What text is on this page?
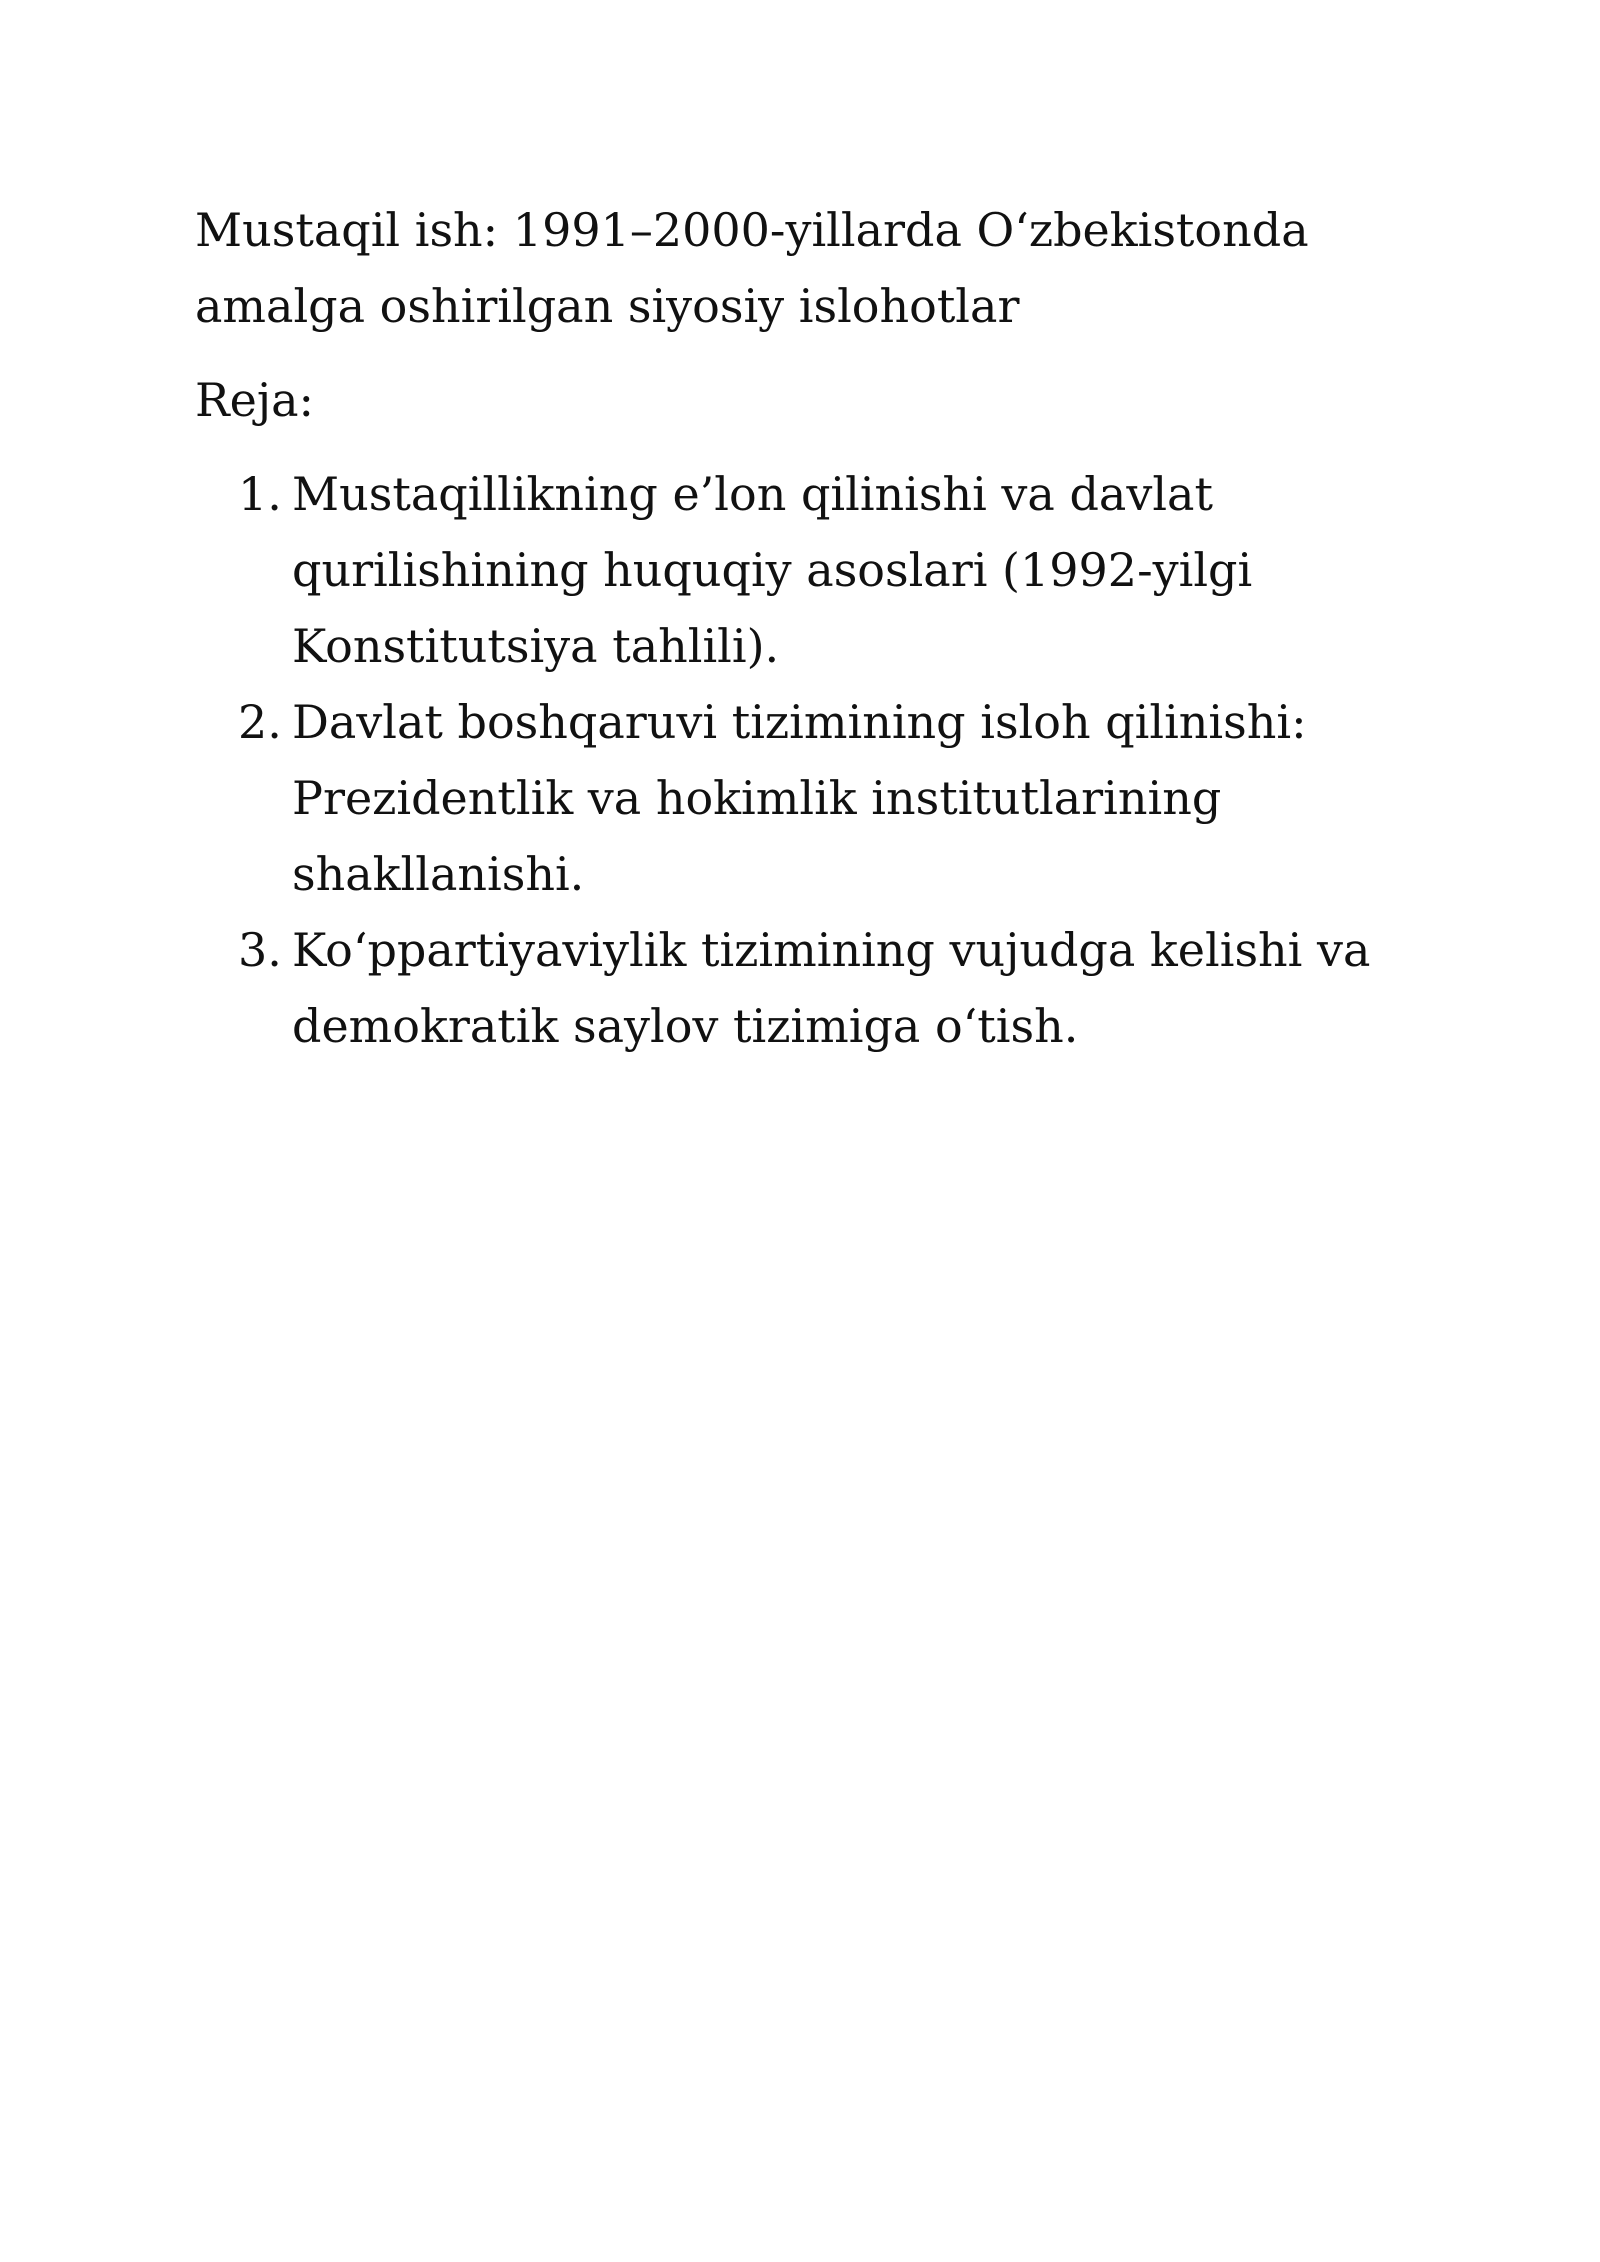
Mustaqil ish: 1991–2000-yillarda O‘zbekistonda amalga oshirilgan siyosiy islohotlar

Reja:

1. Mustaqillikning e’lon qilinishi va davlat qurilishining huquqiy asoslari (1992-yilgi Konstitutsiya tahlili).
2. Davlat boshqaruvi tizimining isloh qilinishi: Prezidentlik va hokimlik institutlarining shakllanishi.
3. Ko‘ppartiyaviylik tizimining vujudga kelishi va demokratik saylov tizimiga o‘tish.
